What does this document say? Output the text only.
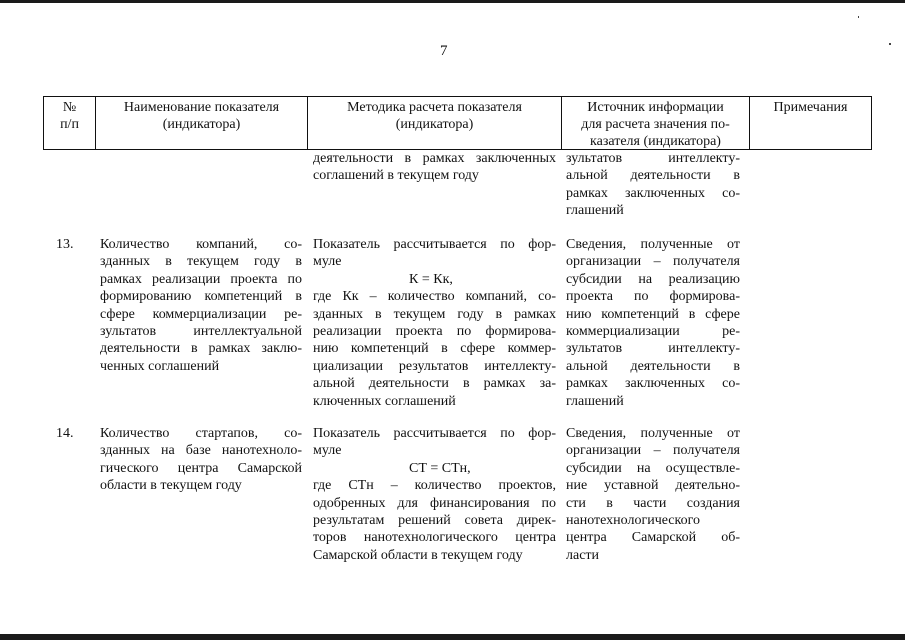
7
№
п/п
Наименование показателя
(индикатора)
Методика расчета показателя
(индикатора)
Источник информации
для расчета значения по-
казателя (индикатора)
Примечания
деятельности в рамках заключенных
соглашений в текущем году
зультатов интеллекту-
альной деятельности в
рамках заключенных со-
глашений
13. Количество компаний, со-
зданных в текущем году в
рамках реализации проекта по
формированию компетенций в
сфере коммерциализации ре-
зультатов интеллектуальной
деятельности в рамках заклю-
ченных соглашений
Показатель рассчитывается по фор-
муле
К = Кк,
где Кк – количество компаний, со-
зданных в текущем году в рамках
реализации проекта по формирова-
нию компетенций в сфере коммер-
циализации результатов интеллекту-
альной деятельности в рамках за-
ключенных соглашений
Сведения, полученные от
организации – получателя
субсидии на реализацию
проекта по формирова-
нию компетенций в сфере
коммерциализации ре-
зультатов интеллекту-
альной деятельности в
рамках заключенных со-
глашений
14. Количество стартапов, со-
зданных на базе нанотехноло-
гического центра Самарской
области в текущем году
Показатель рассчитывается по фор-
муле
СТ = СТн,
где СТн – количество проектов,
одобренных для финансирования по
результатам решений совета дирек-
торов нанотехнологического центра
Самарской области в текущем году
Сведения, полученные от
организации – получателя
субсидии на осуществле-
ние уставной деятельно-
сти в части создания
нанотехнологического
центра Самарской об-
ласти
